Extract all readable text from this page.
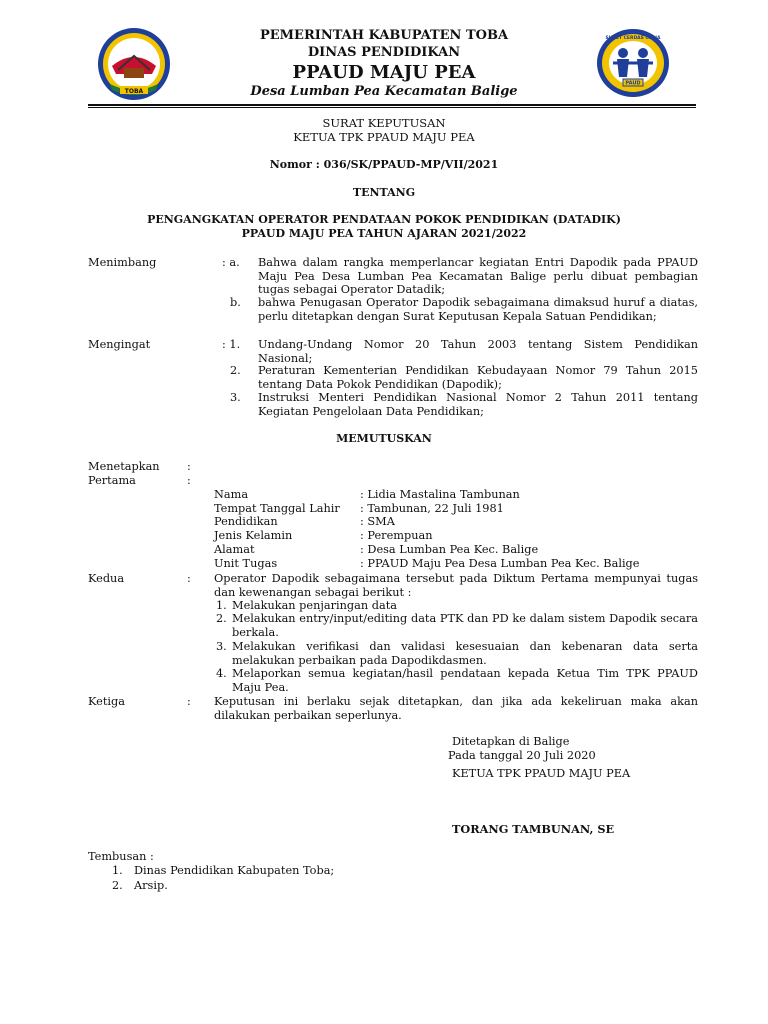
TOBA
PAUD
SUKET CERDAS CERIA
PEMERINTAH KABUPATEN TOBA
DINAS PENDIDIKAN
PPAUD MAJU PEA
Desa Lumban Pea Kecamatan Balige
SURAT KEPUTUSAN
KETUA TPK PPAUD MAJU PEA
Nomor : 036/SK/PPAUD-MP/VII/2021
TENTANG
PENGANGKATAN OPERATOR PENDATAAN POKOK PENDIDIKAN (DATADIK)
PPAUD MAJU PEA TAHUN AJARAN 2021/2022
Menimbang	: a. Bahwa dalam rangka memperlancar kegiatan Entri Dapodik pada PPAUD Maju Pea Desa Lumban Pea Kecamatan Balige perlu dibuat pembagian tugas sebagai Operator Datadik;
b. bahwa Penugasan Operator Dapodik sebagaimana dimaksud huruf a diatas, perlu ditetapkan dengan Surat Keputusan Kepala Satuan Pendidikan;
Mengingat	: 1. Undang-Undang Nomor 20 Tahun 2003 tentang Sistem Pendidikan Nasional;
2. Peraturan Kementerian Pendidikan Kebudayaan Nomor 79 Tahun 2015 tentang Data Pokok Pendidikan (Dapodik);
3. Instruksi Menteri Pendidikan Nasional Nomor 2 Tahun 2011 tentang Kegiatan Pengelolaan Data Pendidikan;
MEMUTUSKAN
Menetapkan :
Pertama	:
Nama	: Lidia Mastalina Tambunan
Tempat Tanggal Lahir : Tambunan, 22 Juli 1981
Pendidikan	: SMA
Jenis Kelamin	: Perempuan
Alamat	: Desa Lumban Pea Kec. Balige
Unit Tugas	: PPAUD Maju Pea Desa Lumban Pea Kec. Balige
Kedua	: Operator Dapodik sebagaimana tersebut pada Diktum Pertama mempunyai tugas dan kewenangan sebagai berikut :
1. Melakukan penjaringan data
2. Melakukan entry/input/editing data PTK dan PD ke dalam sistem Dapodik secara berkala.
3. Melakukan verifikasi dan validasi kesesuaian dan kebenaran data serta melakukan perbaikan pada Dapodikdasmen.
4. Melaporkan semua kegiatan/hasil pendataan kepada Ketua Tim TPK PPAUD Maju Pea.
Ketiga	: Keputusan ini berlaku sejak ditetapkan, dan jika ada kekeliruan maka akan dilakukan perbaikan seperlunya.
Ditetapkan di Balige
Pada tanggal 20 Juli 2020
KETUA TPK PPAUD MAJU PEA
TORANG TAMBUNAN, SE
Tembusan :
1. Dinas Pendidikan Kabupaten Toba;
2. Arsip.
